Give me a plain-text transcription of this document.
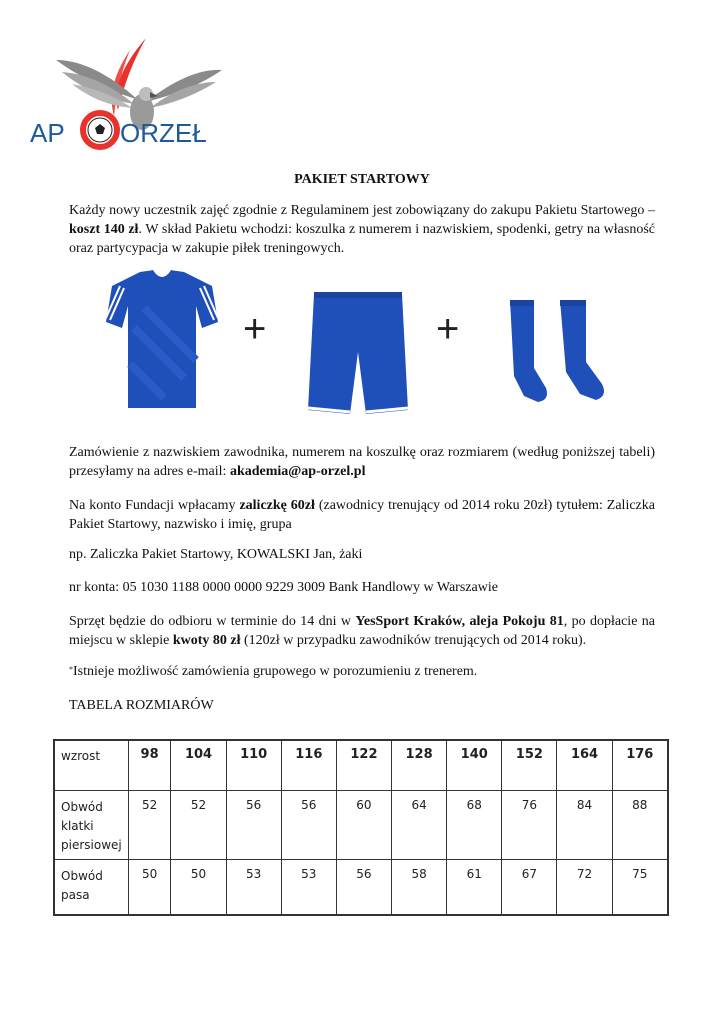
AP ORZEŁ
PAKIET STARTOWY
Każdy nowy uczestnik zajęć zgodnie z Regulaminem jest zobowiązany do zakupu Pakietu Startowego – koszt 140 zł. W skład Pakietu wchodzi: koszulka z numerem i nazwiskiem, spodenki, getry na własność oraz partycypacja w zakupie piłek treningowych.
+	+
Zamówienie z nazwiskiem zawodnika, numerem na koszulkę oraz rozmiarem (według poniższej tabeli) przesyłamy na adres e-mail: akademia@ap-orzel.pl
Na konto Fundacji wpłacamy zaliczkę 60zł (zawodnicy trenujący od 2014 roku 20zł) tytułem: Zaliczka Pakiet Startowy, nazwisko i imię, grupa
np. Zaliczka Pakiet Startowy, KOWALSKI Jan, żaki
nr konta: 05 1030 1188 0000 0000 9229 3009 Bank Handlowy w Warszawie
Sprzęt będzie do odbioru w terminie do 14 dni w YesSport Kraków, aleja Pokoju 81, po dopłacie na miejscu w sklepie kwoty 80 zł (120zł w przypadku zawodników trenujących od 2014 roku).
*Istnieje możliwość zamówienia grupowego w porozumieniu z trenerem.
TABELA ROZMIARÓW
wzrost	98	104	110	116	122	128	140	152	164	176
Obwód klatki piersiowej	52	52	56	56	60	64	68	76	84	88
Obwód pasa	50	50	53	53	56	58	61	67	72	75
